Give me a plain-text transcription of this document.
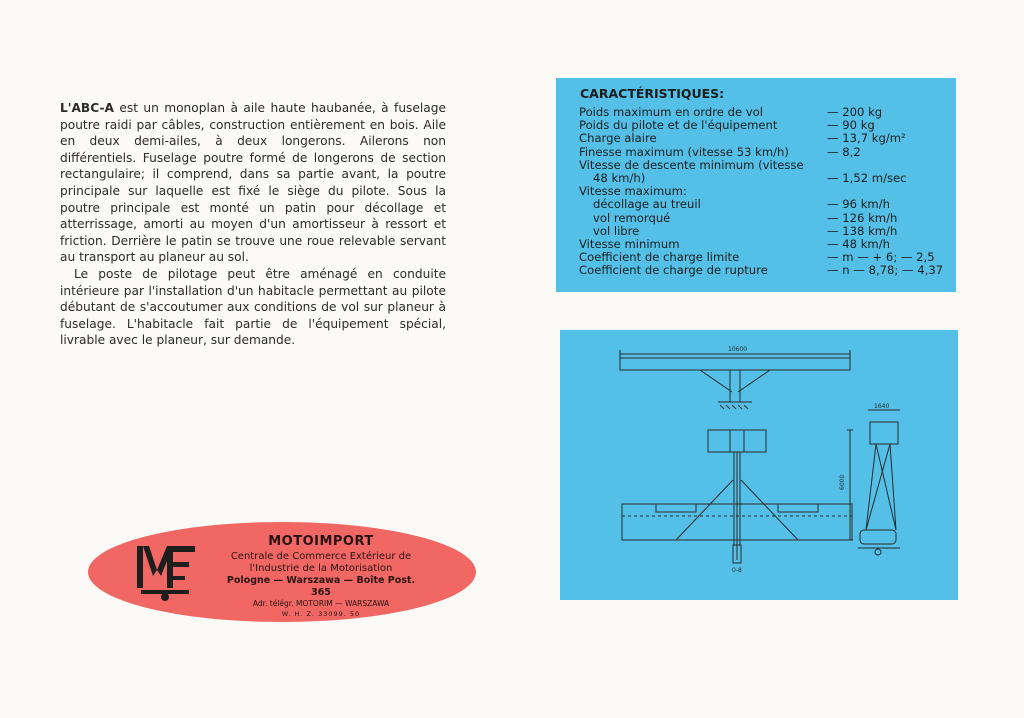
L'ABC-A est un monoplan à aile haute haubanée, à fuselage poutre raidi par câbles, construction entièrement en bois. Aile en deux demi-ailes, à deux longerons. Ailerons non différentiels. Fuselage poutre formé de longerons de section rectangulaire; il comprend, dans sa partie avant, la poutre principale sur laquelle est fixé le siège du pilote. Sous la poutre principale est monté un patin pour décollage et atterrissage, amorti au moyen d'un amortisseur à ressort et friction. Derrière le patin se trouve une roue relevable servant au transport au planeur au sol.

Le poste de pilotage peut être aménagé en conduite intérieure par l'installation d'un habitacle permettant au pilote débutant de s'accoutumer aux conditions de vol sur planeur à fuselage. L'habitacle fait partie de l'équipement spécial, livrable avec le planeur, sur demande.

CARACTÉRISTIQUES:
Poids maximum en ordre de vol	— 200 kg
Poids du pilote et de l'équipement	— 90 kg
Charge alaire	— 13,7 kg/m²
Finesse maximum (vitesse 53 km/h)	— 8,2
Vitesse de descente minimum (vitesse
48 km/h)	— 1,52 m/sec
Vitesse maximum:
décollage au treuil	— 96 km/h
vol remorqué	— 126 km/h
vol libre	— 138 km/h
Vitesse minimum	— 48 km/h
Coefficient de charge limite	— m — + 6; — 2,5
Coefficient de charge de rupture	— n — 8,78; — 4,37
10600
6000
1640
0-8
MOTOIMPORT
Centrale de Commerce Extérieur de
l'Industrie de la Motorisation
Pologne — Warszawa — Boîte Post. 365
Adr. télégr. MOTORIM — WARSZAWA
W. H. Z. 33099. 50
